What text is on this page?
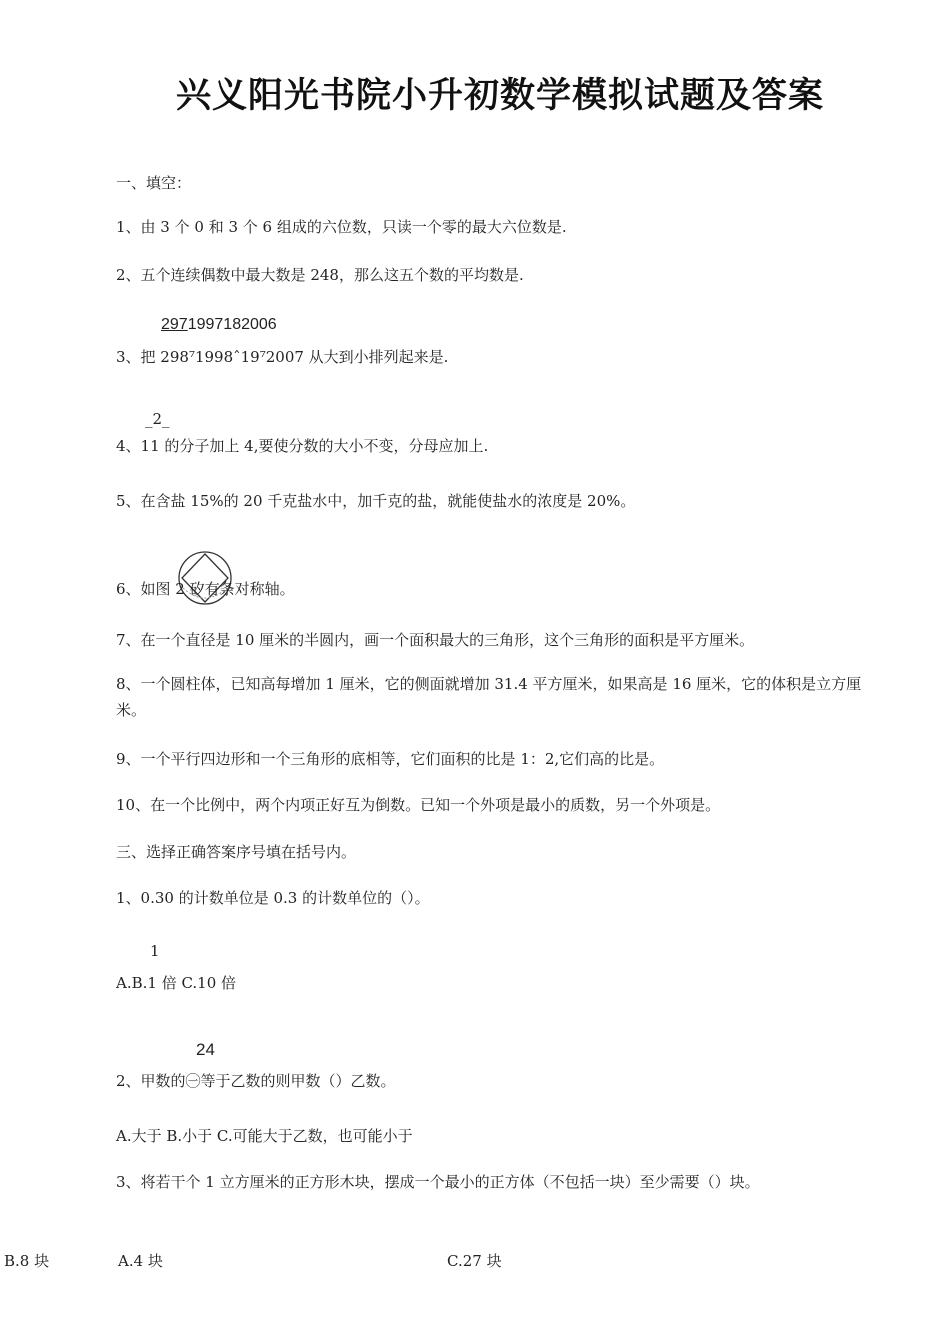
兴义阳光书院小升初数学模拟试题及答案
一、填空：
1、由 3 个 0 和 3 个 6 组成的六位数，只读一个零的最大六位数是.
2、五个连续偶数中最大数是 248，那么这五个数的平均数是.
2971997182006
3、把 298⁷1998ˆ19⁷2007 从大到小排列起来是.
_2_
4、11 的分子加上 4,要使分数的大小不变，分母应加上.
5、在含盐 15%的 20 千克盐水中，加千克的盐，就能使盐水的浓度是 20%。
6、如图 2 矽有条对称轴。
7、在一个直径是 10 厘米的半圆内，画一个面积最大的三角形，这个三角形的面积是平方厘米。
8、一个圆柱体，已知高每增加 1 厘米，它的侧面就增加 31.4 平方厘米，如果高是 16 厘米，它的体积是立方厘米。
9、一个平行四边形和一个三角形的底相等，它们面积的比是 1：2,它们高的比是。
10、在一个比例中，两个内项正好互为倒数。已知一个外项是最小的质数，另一个外项是。
三、选择正确答案序号填在括号内。
1、0.30 的计数单位是 0.3 的计数单位的（）。
1
A.B.1 倍 C.10 倍
24
2、甲数的㊀等于乙数的则甲数（）乙数。
A.大于 B.小于 C.可能大于乙数，也可能小于
3、将若干个 1 立方厘米的正方形木块，摆成一个最小的正方体（不包括一块）至少需要（）块。
B.8 块	A.4 块	C.27 块
